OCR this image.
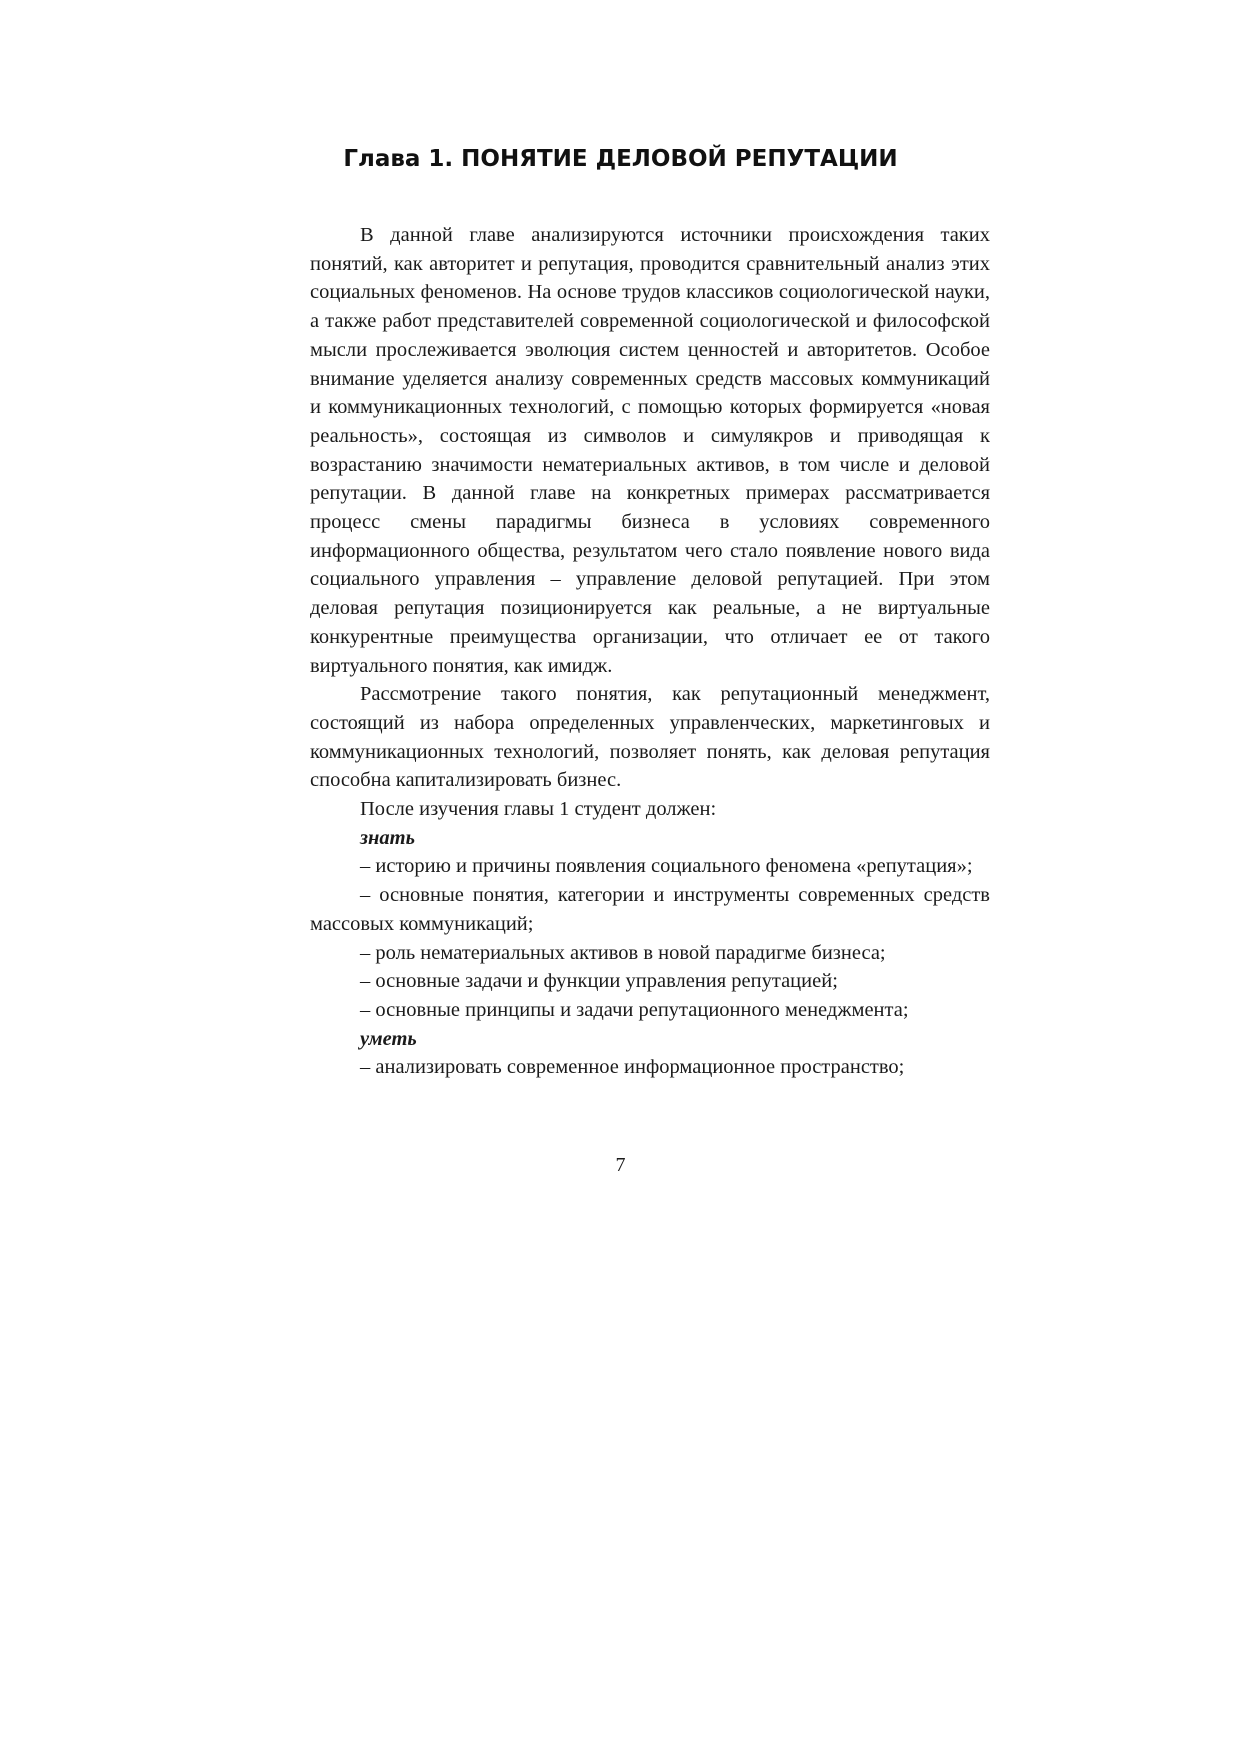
Глава 1. ПОНЯТИЕ ДЕЛОВОЙ РЕПУТАЦИИ

В данной главе анализируются источники происхождения таких понятий, как авторитет и репутация, проводится сравнительный анализ этих социальных феноменов. На основе трудов классиков социологической науки, а также работ представителей современной социологической и философской мысли прослеживается эволюция систем ценностей и авторитетов. Особое внимание уделяется анализу современных средств массовых коммуникаций и коммуникационных технологий, с помощью которых формируется «новая реальность», состоящая из символов и симулякров и приводящая к возрастанию значимости нематериальных активов, в том числе и деловой репутации. В данной главе на конкретных примерах рассматривается процесс смены парадигмы бизнеса в условиях современного информационного общества, результатом чего стало появление нового вида социального управления – управление деловой репутацией. При этом деловая репутация позиционируется как реальные, а не виртуальные конкурентные преимущества организации, что отличает ее от такого виртуального понятия, как имидж.

Рассмотрение такого понятия, как репутационный менеджмент, состоящий из набора определенных управленческих, маркетинговых и коммуникационных технологий, позволяет понять, как деловая репутация способна капитализировать бизнес.

После изучения главы 1 студент должен:

знать

– историю и причины появления социального феномена «репутация»;

– основные понятия, категории и инструменты современных средств массовых коммуникаций;

– роль нематериальных активов в новой парадигме бизнеса;

– основные задачи и функции управления репутацией;

– основные принципы и задачи репутационного менеджмента;

уметь

– анализировать современное информационное пространство;

7
